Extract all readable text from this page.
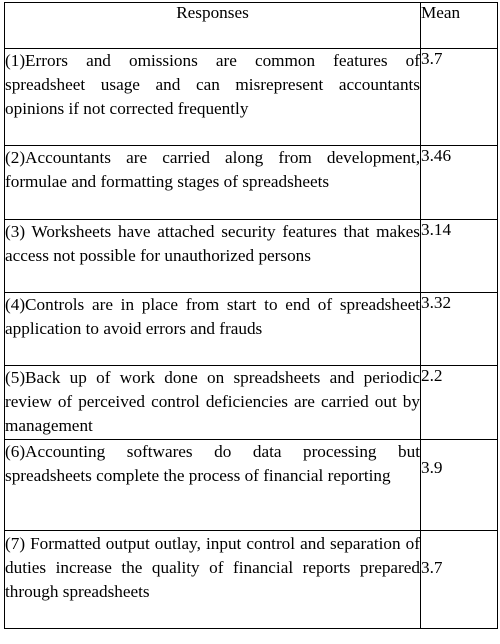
Responses	Mean

(1)Errors and omissions are common features of spreadsheet usage and can misrepresent accountants opinions if not corrected frequently	3.7

(2)Accountants are carried along from development, formulae and formatting stages of spreadsheets	3.46

(3) Worksheets have attached security features that makes access not possible for unauthorized persons	3.14

(4)Controls are in place from start to end of spreadsheet application to avoid errors and frauds	3.32

(5)Back up of work done on spreadsheets and periodic review of perceived control deficiencies are carried out by management	2.2

(6)Accounting softwares do data processing but spreadsheets complete the process of financial reporting	3.9

(7) Formatted output outlay, input control and separation of duties increase the quality of financial reports prepared through spreadsheets	3.7
